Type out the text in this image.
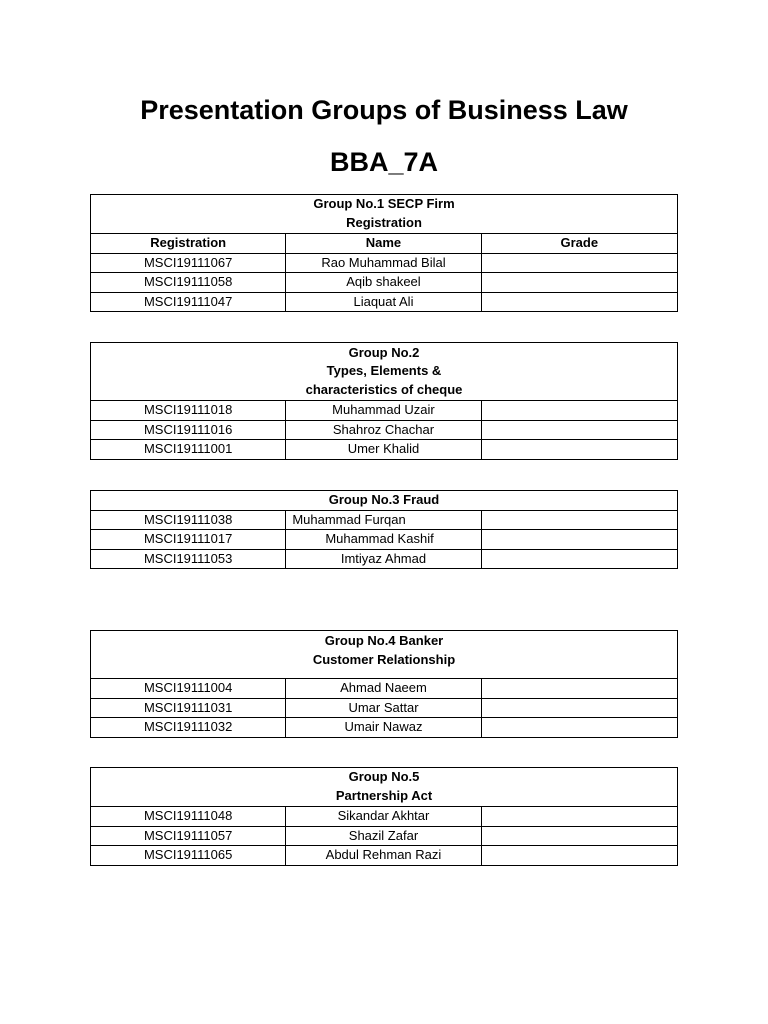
Presentation Groups of Business Law
BBA_7A
Group No.1 SECP Firm
Registration		

Registration	Name	Grade
MSCI19111067	Rao Muhammad Bilal	
MSCI19111058	Aqib shakeel	
MSCI19111047	Liaquat Ali	
Group No.2
Types, Elements &
characteristics of cheque		

MSCI19111018	Muhammad Uzair	
MSCI19111016	Shahroz Chachar	
MSCI19111001	Umer Khalid	
Group No.3 Fraud		

MSCI19111038	Muhammad Furqan	
MSCI19111017	Muhammad Kashif	
MSCI19111053	Imtiyaz Ahmad	
Group No.4 Banker
Customer Relationship		

MSCI19111004	Ahmad Naeem	
MSCI19111031	Umar Sattar	
MSCI19111032	Umair Nawaz	
Group No.5
Partnership Act		

MSCI19111048	Sikandar Akhtar	
MSCI19111057	Shazil Zafar	
MSCI19111065	Abdul Rehman Razi	
